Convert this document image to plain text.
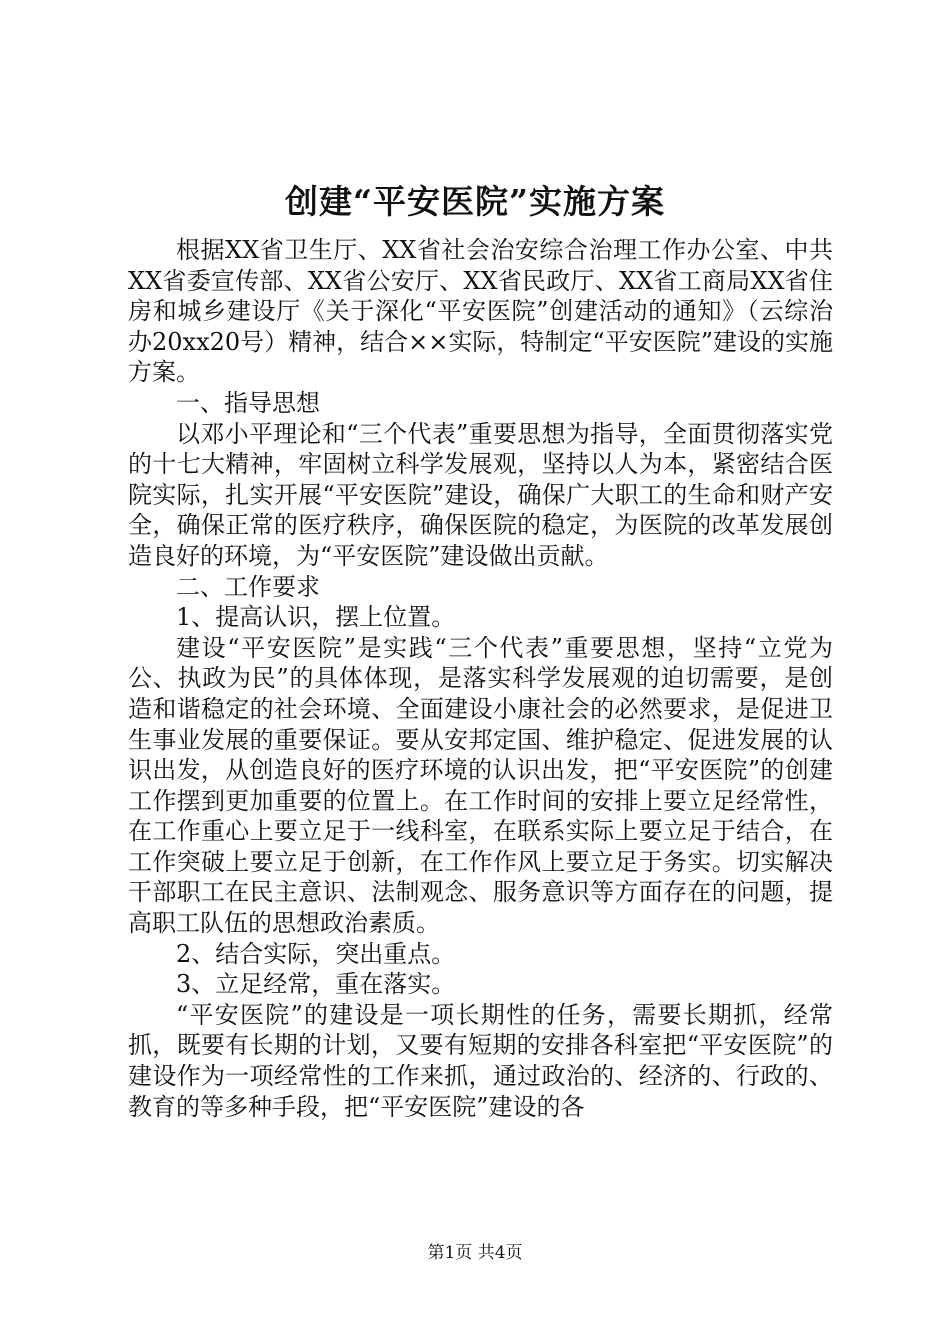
创建“平安医院”实施方案

根据XX省卫生厅、XX省社会治安综合治理工作办公室、中共XX省委宣传部、XX省公安厅、XX省民政厅、XX省工商局XX省住房和城乡建设厅《关于深化“平安医院”创建活动的通知》（云综治办20xx20号）精神，结合××实际，特制定“平安医院”建设的实施方案。

一、指导思想

以邓小平理论和“三个代表”重要思想为指导，全面贯彻落实党的十七大精神，牢固树立科学发展观，坚持以人为本，紧密结合医院实际，扎实开展“平安医院”建设，确保广大职工的生命和财产安全，确保正常的医疗秩序，确保医院的稳定，为医院的改革发展创造良好的环境，为“平安医院”建设做出贡献。

二、工作要求

1、提高认识，摆上位置。

建设“平安医院”是实践“三个代表”重要思想，坚持“立党为公、执政为民”的具体体现，是落实科学发展观的迫切需要，是创造和谐稳定的社会环境、全面建设小康社会的必然要求，是促进卫生事业发展的重要保证。要从安邦定国、维护稳定、促进发展的认识出发，从创造良好的医疗环境的认识出发，把“平安医院”的创建工作摆到更加重要的位置上。在工作时间的安排上要立足经常性，在工作重心上要立足于一线科室，在联系实际上要立足于结合，在工作突破上要立足于创新，在工作作风上要立足于务实。切实解决干部职工在民主意识、法制观念、服务意识等方面存在的问题，提高职工队伍的思想政治素质。

2、结合实际，突出重点。

3、立足经常，重在落实。

“平安医院”的建设是一项长期性的任务，需要长期抓，经常抓，既要有长期的计划，又要有短期的安排各科室把“平安医院”的建设作为一项经常性的工作来抓，通过政治的、经济的、行政的、教育的等多种手段，把“平安医院”建设的各

第1页 共4页
